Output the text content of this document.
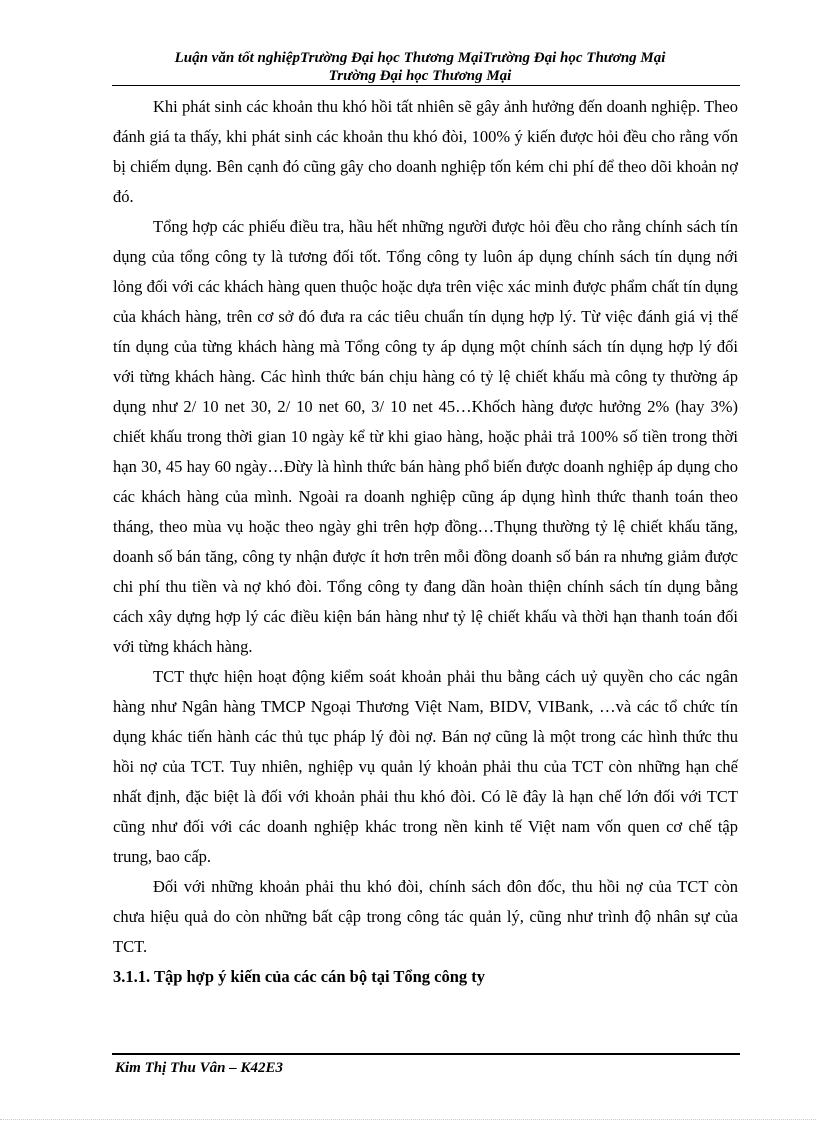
Luận văn tốt nghiệpTrường Đại học Thương MạiTrường Đại học Thương Mại
Trường Đại học Thương Mại

Khi phát sinh các khoản thu khó hồi tất nhiên sẽ gây ảnh hưởng đến doanh nghiệp. Theo đánh giá ta thấy, khi phát sinh các khoản thu khó đòi, 100% ý kiến được hỏi đều cho rằng vốn bị chiếm dụng. Bên cạnh đó cũng gây cho doanh nghiệp tốn kém chi phí để theo dõi khoản nợ đó.

Tổng hợp các phiếu điều tra, hầu hết những người được hỏi đều cho rằng chính sách tín dụng của tổng công ty là tương đối tốt. Tổng công ty luôn áp dụng chính sách tín dụng nới lỏng đối với các khách hàng quen thuộc hoặc dựa trên việc xác minh được phẩm chất tín dụng của khách hàng, trên cơ sở đó đưa ra các tiêu chuẩn tín dụng hợp lý. Từ việc đánh giá vị thế tín dụng của từng khách hàng mà Tổng công ty áp dụng một chính sách tín dụng hợp lý đối với từng khách hàng. Các hình thức bán chịu hàng có tỷ lệ chiết khấu mà công ty thường áp dụng như 2/ 10 net 30, 2/ 10 net 60, 3/ 10 net 45…Khốch hàng được hưởng 2% (hay 3%) chiết khấu trong thời gian 10 ngày kể từ khi giao hàng, hoặc phải trả 100% số tiền trong thời hạn 30, 45 hay 60 ngày…Đừy là hình thức bán hàng phổ biến được doanh nghiệp áp dụng cho các khách hàng của mình. Ngoài ra doanh nghiệp cũng áp dụng hình thức thanh toán theo tháng, theo mùa vụ hoặc theo ngày ghi trên hợp đồng…Thụng thường tỷ lệ chiết khấu tăng, doanh số bán tăng, công ty nhận được ít hơn trên mỗi đồng doanh số bán ra nhưng giảm được chi phí thu tiền và nợ khó đòi. Tổng công ty đang dần hoàn thiện chính sách tín dụng bằng cách xây dựng hợp lý các điều kiện bán hàng như tỷ lệ chiết khấu và thời hạn thanh toán đối với từng khách hàng.

TCT thực hiện hoạt động kiểm soát khoản phải thu bằng cách uỷ quyền cho các ngân hàng như Ngân hàng TMCP Ngoại Thương Việt Nam, BIDV, VIBank, …và các tổ chức tín dụng khác tiến hành các thủ tục pháp lý đòi nợ. Bán nợ cũng là một trong các hình thức thu hồi nợ của TCT. Tuy nhiên, nghiệp vụ quản lý khoản phải thu của TCT còn những hạn chế nhất định, đặc biệt là đối với khoản phải thu khó đòi. Có lẽ đây là hạn chế lớn đối với TCT cũng như đối với các doanh nghiệp khác trong nền kinh tế Việt nam vốn quen cơ chế tập trung, bao cấp.

Đối với những khoản phải thu khó đòi, chính sách đôn đốc, thu hồi nợ của TCT còn chưa hiệu quả do còn những bất cập trong công tác quản lý, cũng như trình độ nhân sự của TCT.

3.1.1. Tập hợp ý kiến của các cán bộ tại Tổng công ty
Kim Thị Thu Vân – K42E3
